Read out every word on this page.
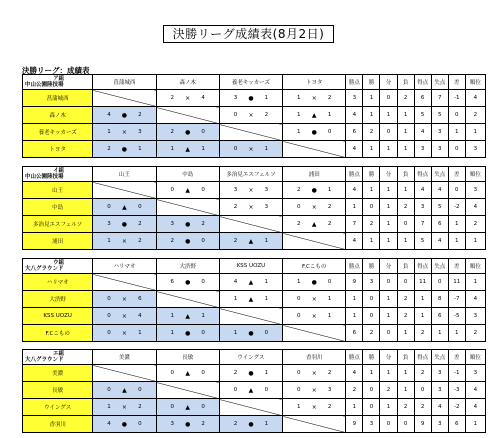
決勝リーグ成績表(8月2日)
決勝リーグ：成績表
ア組
中山公園陸技場	菖蒲城西	森ノ木	養老キッカーズ	トヨタ	勝点	勝	分	負	得点	失点	差	順位
菖蒲城西		2 × 4	3 ● 1	1 × 2	3	1	0	2	6	7	-1	4
森ノ木	4 ● 2		0 × 2	1 ▲ 1	4	1	1	1	5	5	0	2
養老キッカーズ	1 × 3	2 ● 0		1 ● 0	6	2	0	1	4	3	1	1
トヨタ	2 ● 1	1 ▲ 1	0 × 1		4	1	1	1	3	3	0	3
イ組
中山公園陸技場	山王	中島	多治見エスフェルソ	浦田	勝点	勝	分	負	得点	失点	差	順位
山王		0 ▲ 0	3 × 3	2 ● 1	4	1	1	1	4	4	0	3
中島	0 ▲ 0		2 × 3	0 × 2	1	0	1	2	3	5	-2	4
多治見エスフェルソ	3 ● 2	3 ● 2		2 ▲ 2	7	2	1	0	7	6	1	2
浦田	1 × 2	2 ● 0	2 ▲ 1		4	1	1	1	5	4	1	1
ウ組
大八グラウンド	ハリマオ	大渋野	KSS UOZU	F.Cこもの	勝点	勝	分	負	得点	失点	差	順位
ハリマオ		6 ● 0	4 ▲ 1	1 ● 0	9	3	0	0	11	0	11	1
大渋野	0 × 6		1 ▲ 1	0 × 1	1	0	1	2	1	8	-7	4
KSS UOZU	0 × 4	1 ▲ 1		0 × 1	1	0	1	2	1	6	-5	3
F.Cこもの	0 × 1	1 ● 0	1 ● 0		6	2	0	1	2	1	1	2
エ組
大八グラウンド	美濃	長敏	ウイングス	香羽川	勝点	勝	分	負	得点	失点	差	順位
美濃		0 ▲ 0	2 ● 1	0 × 2	4	1	1	1	2	3	-1	3
長敏	0 ▲ 0		0 ▲ 0	0 × 3	2	0	2	1	0	3	-3	4
ウイングス	1 × 2	0 ▲ 0		1 × 2	1	0	1	2	2	4	-2	4
香羽川	4 ● 0	3 ● 2	2 ● 1		9	3	0	0	9	3	6	1
